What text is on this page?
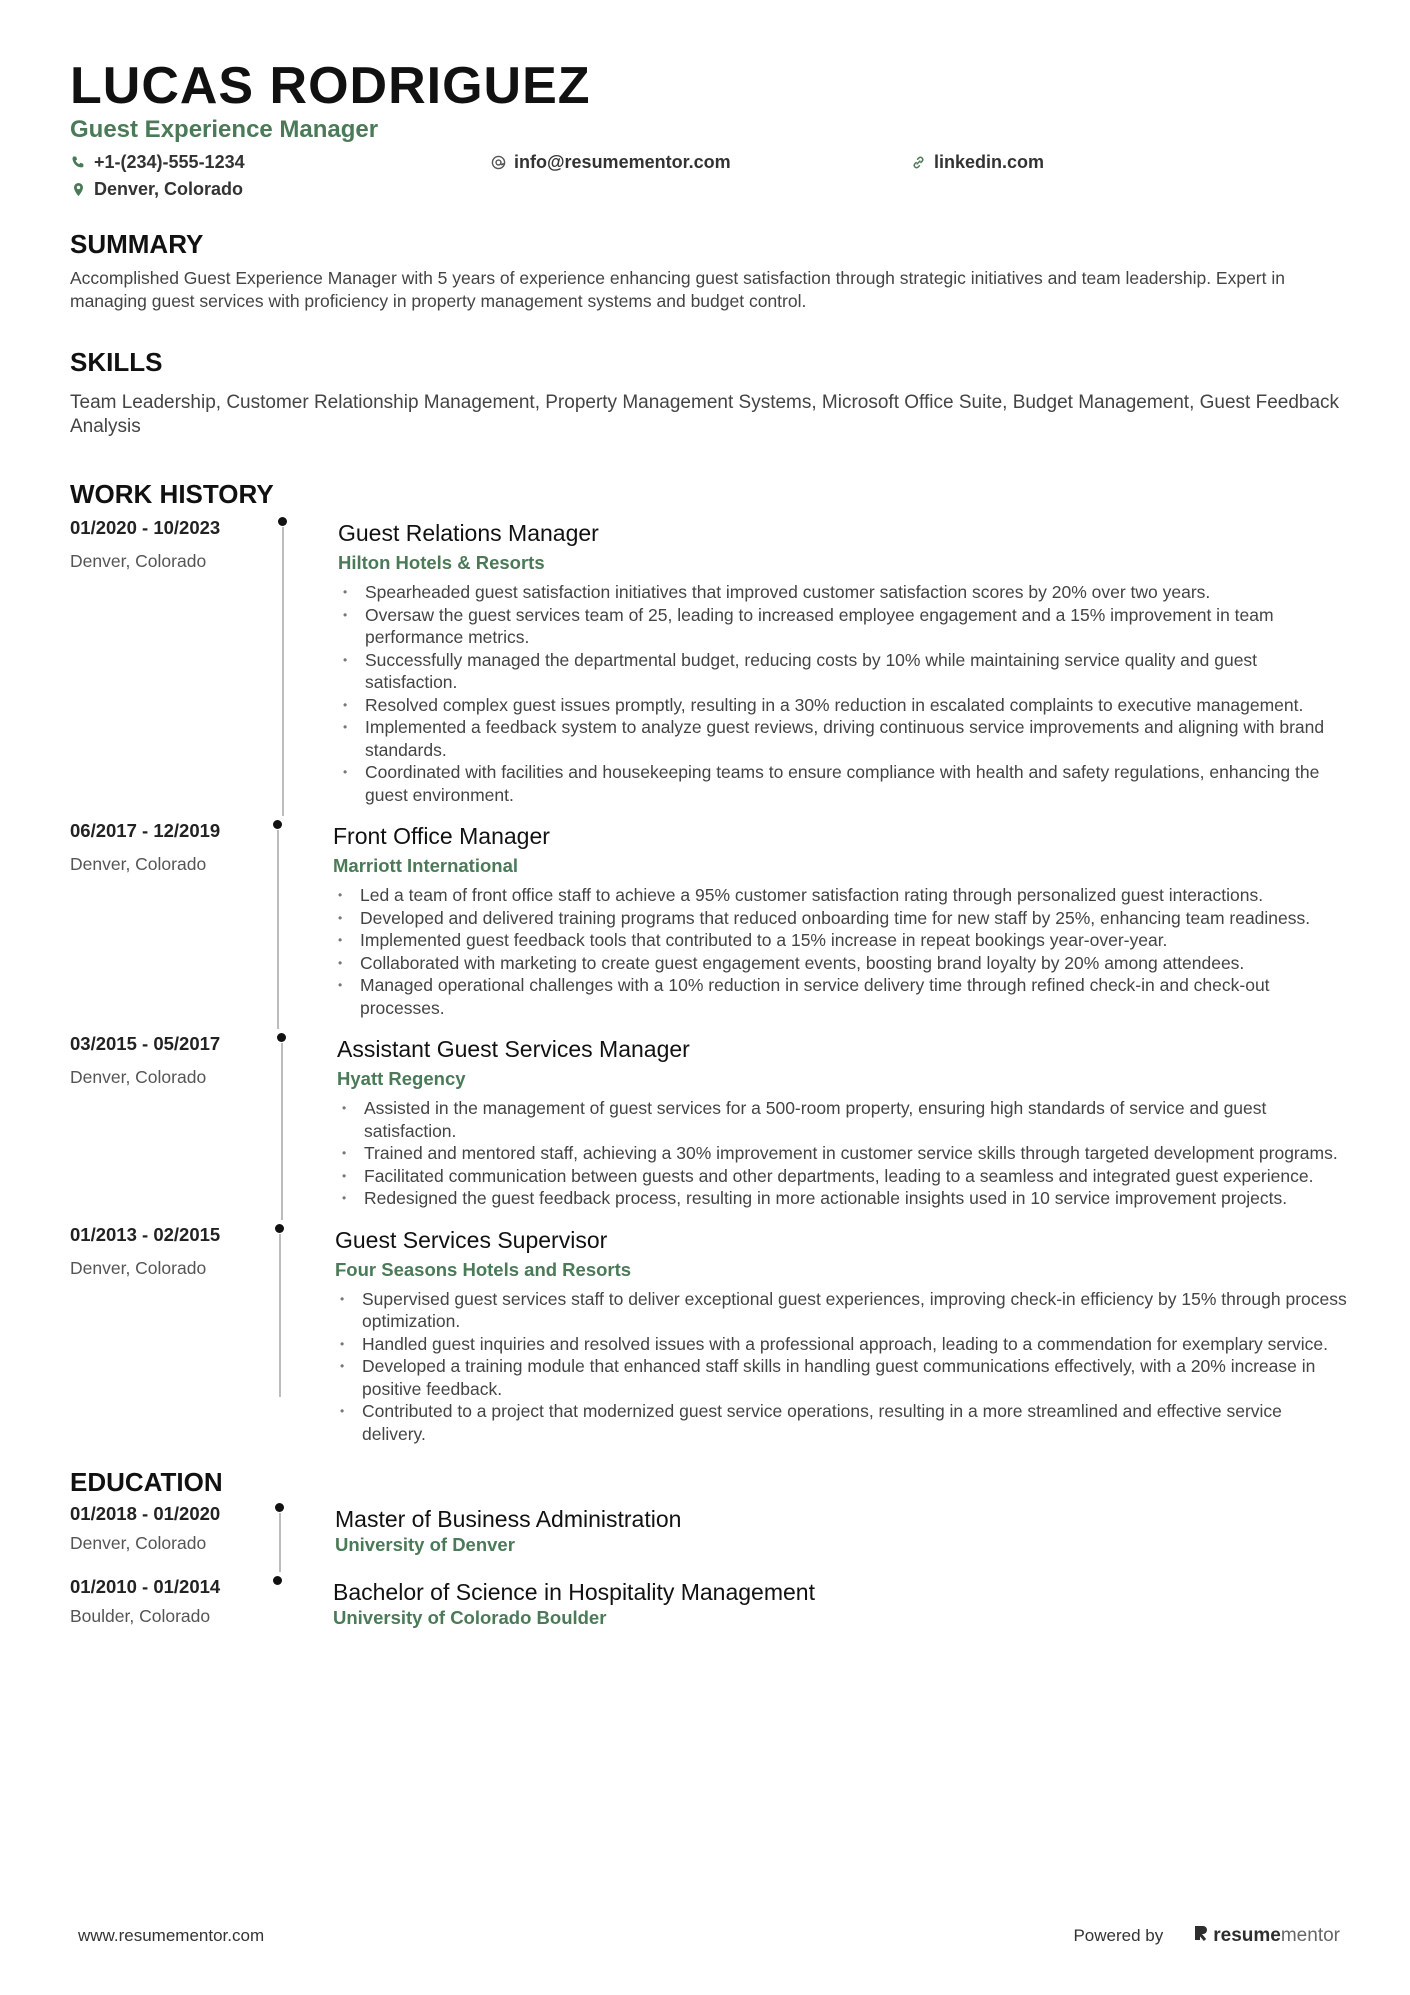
LUCAS RODRIGUEZ
Guest Experience Manager
+1-(234)-555-1234	info@resumementor.com	linkedin.com
Denver, Colorado
SUMMARY

Accomplished Guest Experience Manager with 5 years of experience enhancing guest satisfaction through strategic initiatives and team leadership. Expert in managing guest services with proficiency in property management systems and budget control.

SKILLS

Team Leadership, Customer Relationship Management, Property Management Systems, Microsoft Office Suite, Budget Management, Guest Feedback Analysis

WORK HISTORY
01/2020 - 10/2023
Denver, Colorado
Guest Relations Manager
Hilton Hotels & Resorts
• Spearheaded guest satisfaction initiatives that improved customer satisfaction scores by 20% over two years.
• Oversaw the guest services team of 25, leading to increased employee engagement and a 15% improvement in team performance metrics.
• Successfully managed the departmental budget, reducing costs by 10% while maintaining service quality and guest satisfaction.
• Resolved complex guest issues promptly, resulting in a 30% reduction in escalated complaints to executive management.
• Implemented a feedback system to analyze guest reviews, driving continuous service improvements and aligning with brand standards.
• Coordinated with facilities and housekeeping teams to ensure compliance with health and safety regulations, enhancing the guest environment.
06/2017 - 12/2019
Denver, Colorado
Front Office Manager
Marriott International
• Led a team of front office staff to achieve a 95% customer satisfaction rating through personalized guest interactions.
• Developed and delivered training programs that reduced onboarding time for new staff by 25%, enhancing team readiness.
• Implemented guest feedback tools that contributed to a 15% increase in repeat bookings year-over-year.
• Collaborated with marketing to create guest engagement events, boosting brand loyalty by 20% among attendees.
• Managed operational challenges with a 10% reduction in service delivery time through refined check-in and check-out processes.
03/2015 - 05/2017
Denver, Colorado
Assistant Guest Services Manager
Hyatt Regency
• Assisted in the management of guest services for a 500-room property, ensuring high standards of service and guest satisfaction.
• Trained and mentored staff, achieving a 30% improvement in customer service skills through targeted development programs.
• Facilitated communication between guests and other departments, leading to a seamless and integrated guest experience.
• Redesigned the guest feedback process, resulting in more actionable insights used in 10 service improvement projects.
01/2013 - 02/2015
Denver, Colorado
Guest Services Supervisor
Four Seasons Hotels and Resorts
• Supervised guest services staff to deliver exceptional guest experiences, improving check-in efficiency by 15% through process optimization.
• Handled guest inquiries and resolved issues with a professional approach, leading to a commendation for exemplary service.
• Developed a training module that enhanced staff skills in handling guest communications effectively, with a 20% increase in positive feedback.
• Contributed to a project that modernized guest service operations, resulting in a more streamlined and effective service delivery.
EDUCATION
01/2018 - 01/2020
Denver, Colorado
Master of Business Administration
University of Denver
01/2010 - 01/2014
Boulder, Colorado
Bachelor of Science in Hospitality Management
University of Colorado Boulder
www.resumementor.com	Powered by	resume mentor
